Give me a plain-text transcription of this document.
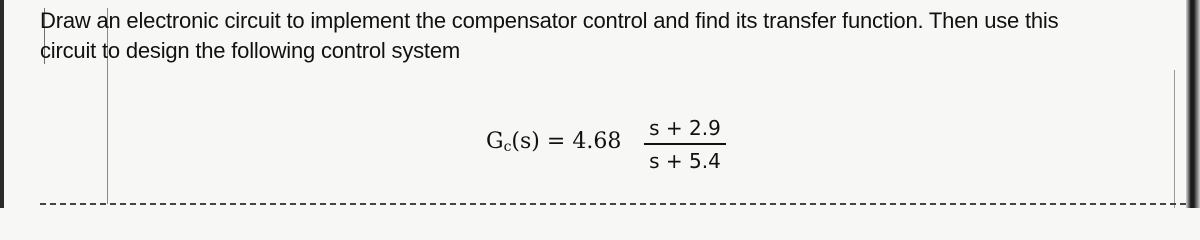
Draw an electronic circuit to implement the compensator control and find its transfer function. Then use this

circuit to design the following control system

$G_c(s) = 4.68$
s + 2.9
s + 5.4
